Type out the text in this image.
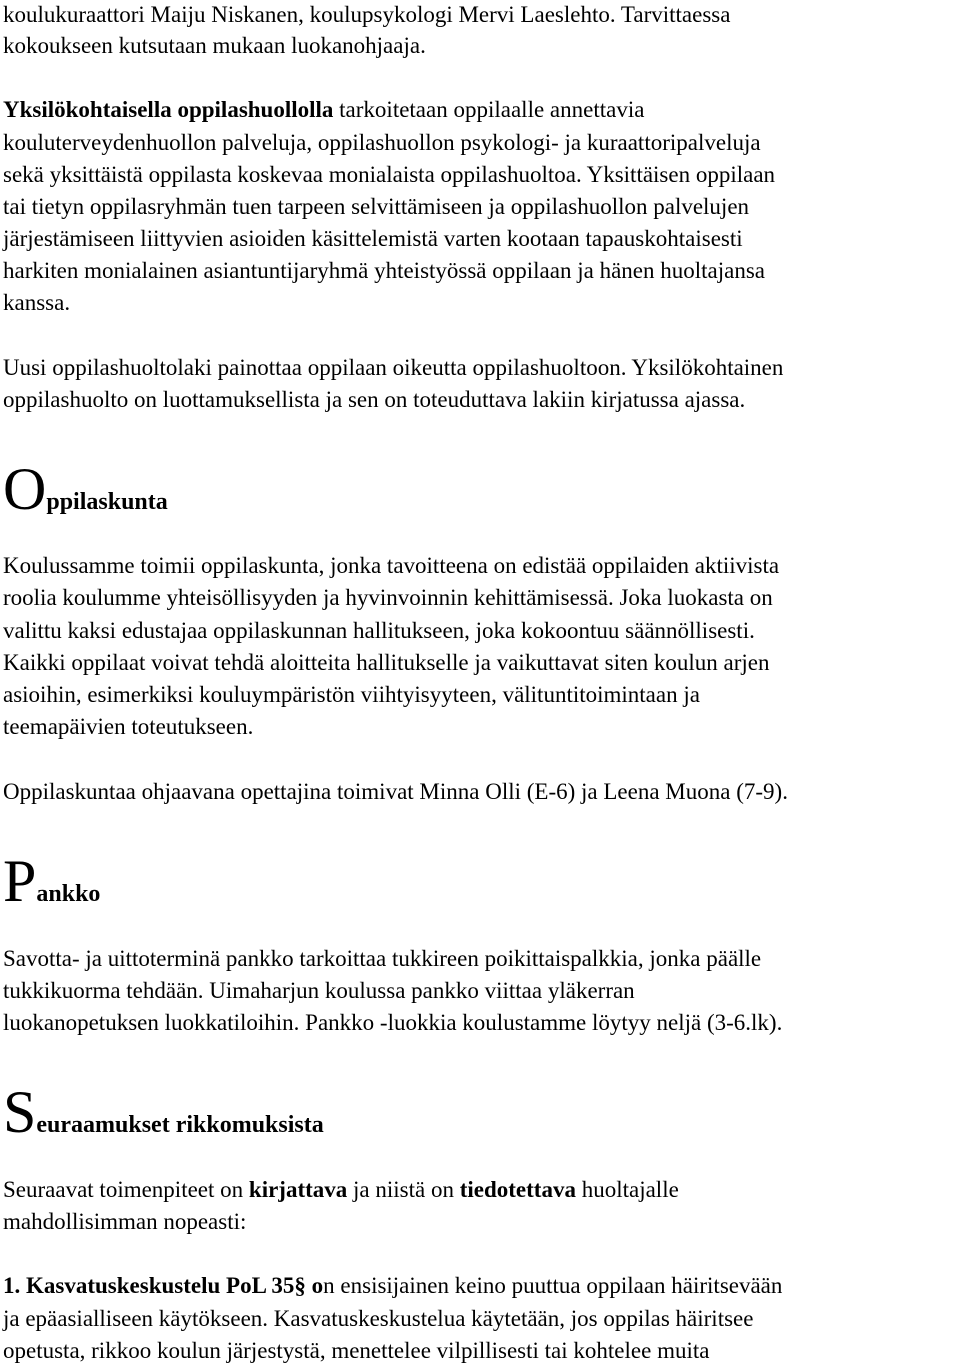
koulukuraattori Maiju Niskanen, koulupsykologi Mervi Laeslehto. Tarvittaessa
kokoukseen kutsutaan mukaan luokanohjaaja.
Yksilökohtaisella oppilashuollolla tarkoitetaan oppilaalle annettavia
kouluterveydenhuollon palveluja, oppilashuollon psykologi- ja kuraattoripalveluja
sekä yksittäistä oppilasta koskevaa monialaista oppilashuoltoa. Yksittäisen oppilaan
tai tietyn oppilasryhmän tuen tarpeen selvittämiseen ja oppilashuollon palvelujen
järjestämiseen liittyvien asioiden käsittelemistä varten kootaan tapauskohtaisesti
harkiten monialainen asiantuntijaryhmä yhteistyössä oppilaan ja hänen huoltajansa
kanssa.
Uusi oppilashuoltolaki painottaa oppilaan oikeutta oppilashuoltoon. Yksilökohtainen
oppilashuolto on luottamuksellista ja sen on toteuduttava lakiin kirjatussa ajassa.
Oppilaskunta
Koulussamme toimii oppilaskunta, jonka tavoitteena on edistää oppilaiden aktiivista
roolia koulumme yhteisöllisyyden ja hyvinvoinnin kehittämisessä. Joka luokasta on
valittu kaksi edustajaa oppilaskunnan hallitukseen, joka kokoontuu säännöllisesti.
Kaikki oppilaat voivat tehdä aloitteita hallitukselle ja vaikuttavat siten koulun arjen
asioihin, esimerkiksi kouluympäristön viihtyisyyteen, välituntitoimintaan ja
teemapäivien toteutukseen.
Oppilaskuntaa ohjaavana opettajina toimivat Minna Olli (E-6) ja Leena Muona (7-9).
Pankko
Savotta- ja uittoterminä pankko tarkoittaa tukkireen poikittaispalkkia, jonka päälle
tukkikuorma tehdään. Uimaharjun koulussa pankko viittaa yläkerran
luokanopetuksen luokkatiloihin. Pankko -luokkia koulustamme löytyy neljä (3-6.lk).
Seuraamukset rikkomuksista
Seuraavat toimenpiteet on kirjattava ja niistä on tiedotettava huoltajalle
mahdollisimman nopeasti:
1. Kasvatuskeskustelu PoL 35§ on ensisijainen keino puuttua oppilaan häiritsevään
ja epäasialliseen käytökseen. Kasvatuskeskustelua käytetään, jos oppilas häiritsee
opetusta, rikkoo koulun järjestystä, menettelee vilpillisesti tai kohtelee muita
